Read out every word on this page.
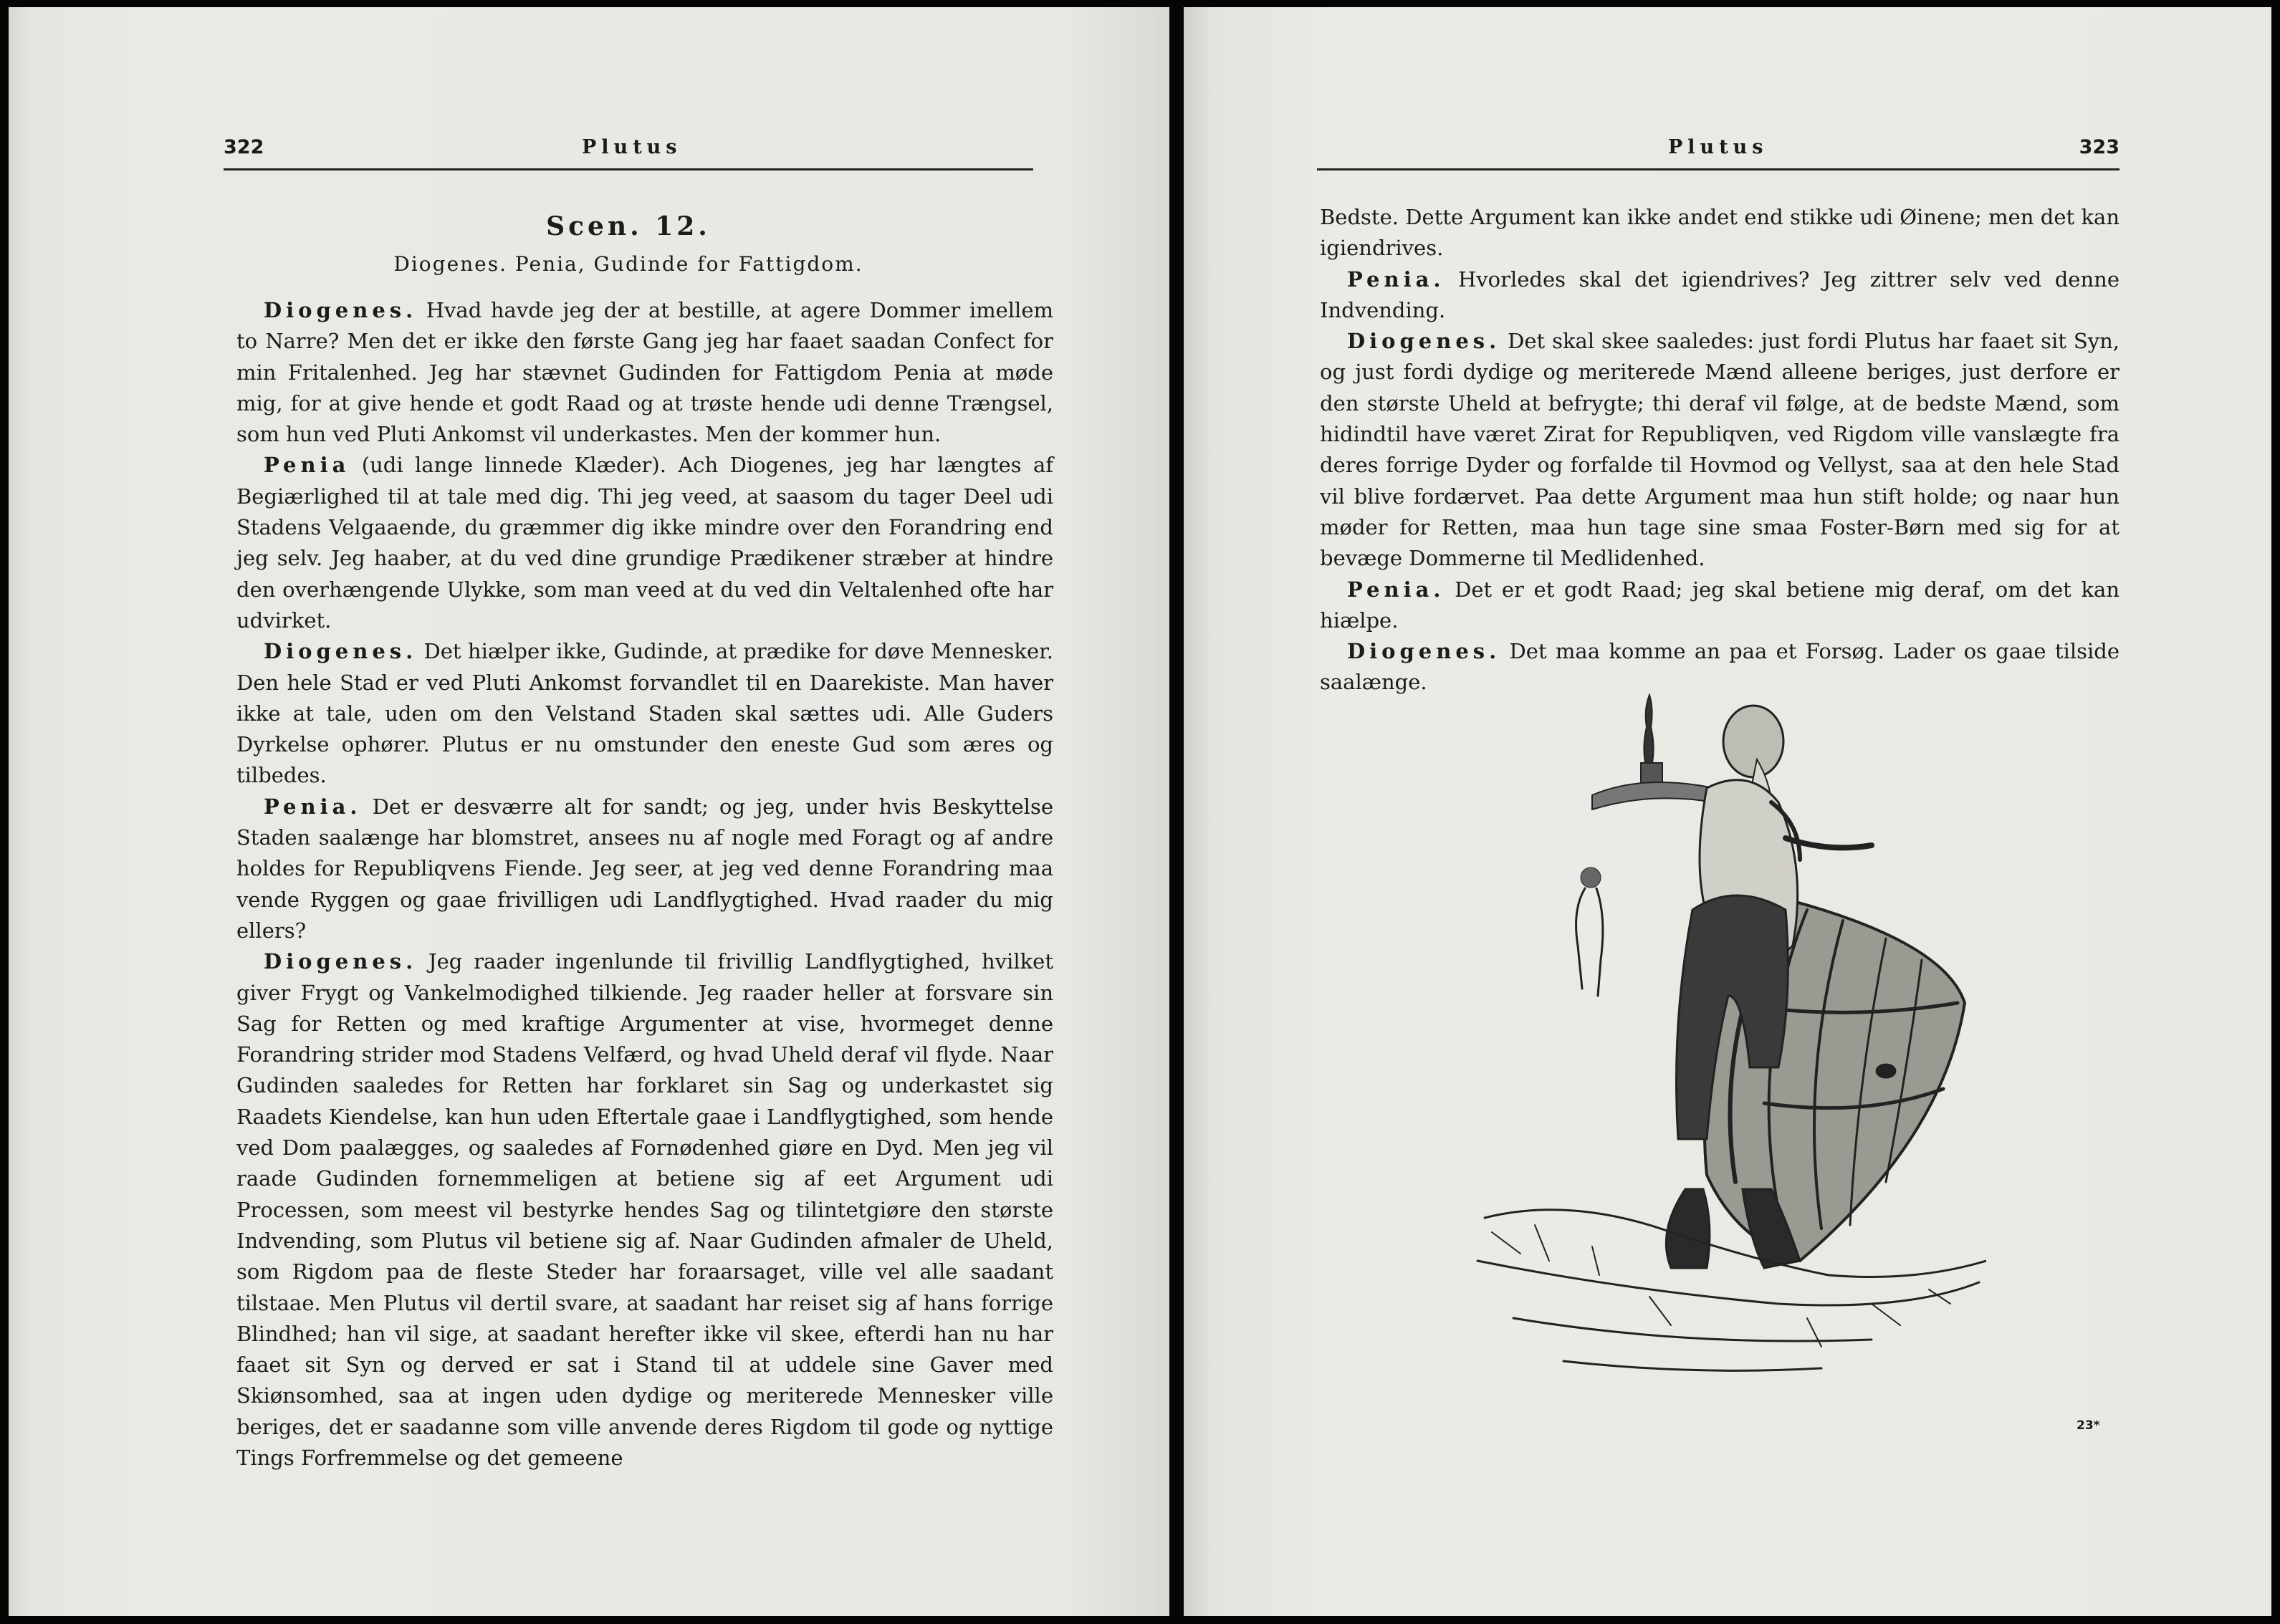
322	Plutus
Scen. 12.
Diogenes. Penia, Gudinde for Fattigdom.

Diogenes. Hvad havde jeg der at bestille, at agere Dommer imellem to Narre? Men det er ikke den første Gang jeg har faaet saadan Confect for min Fritalenhed. Jeg har stævnet Gudinden for Fattigdom Penia at møde mig, for at give hende et godt Raad og at trøste hende udi denne Trængsel, som hun ved Pluti Ankomst vil underkastes. Men der kommer hun.

Penia (udi lange linnede Klæder). Ach Diogenes, jeg har længtes af Begiærlighed til at tale med dig. Thi jeg veed, at saasom du tager Deel udi Stadens Velgaaende, du græmmer dig ikke mindre over den Forandring end jeg selv. Jeg haaber, at du ved dine grundige Prædikener stræber at hindre den overhængende Ulykke, som man veed at du ved din Veltalenhed ofte har udvirket.

Diogenes. Det hiælper ikke, Gudinde, at prædike for døve Mennesker. Den hele Stad er ved Pluti Ankomst forvandlet til en Daarekiste. Man haver ikke at tale, uden om den Velstand Staden skal sættes udi. Alle Guders Dyrkelse ophører. Plutus er nu omstunder den eneste Gud som æres og tilbedes.

Penia. Det er desværre alt for sandt; og jeg, under hvis Beskyttelse Staden saalænge har blomstret, ansees nu af nogle med Foragt og af andre holdes for Republiqvens Fiende. Jeg seer, at jeg ved denne Forandring maa vende Ryggen og gaae frivilligen udi Landflygtighed. Hvad raader du mig ellers?

Diogenes. Jeg raader ingenlunde til frivillig Landflygtighed, hvilket giver Frygt og Vankelmodighed tilkiende. Jeg raader heller at forsvare sin Sag for Retten og med kraftige Argumenter at vise, hvormeget denne Forandring strider mod Stadens Velfærd, og hvad Uheld deraf vil flyde. Naar Gudinden saaledes for Retten har forklaret sin Sag og underkastet sig Raadets Kiendelse, kan hun uden Eftertale gaae i Landflygtighed, som hende ved Dom paalægges, og saaledes af Fornødenhed giøre en Dyd. Men jeg vil raade Gudinden fornemmeligen at betiene sig af eet Argument udi Processen, som meest vil bestyrke hendes Sag og tilintetgiøre den største Indvending, som Plutus vil betiene sig af. Naar Gudinden afmaler de Uheld, som Rigdom paa de fleste Steder har foraarsaget, ville vel alle saadant tilstaae. Men Plutus vil dertil svare, at saadant har reiset sig af hans forrige Blindhed; han vil sige, at saadant herefter ikke vil skee, efterdi han nu har faaet sit Syn og derved er sat i Stand til at uddele sine Gaver med Skiønsomhed, saa at ingen uden dydige og meriterede Mennesker ville beriges, det er saadanne som ville anvende deres Rigdom til gode og nyttige Tings Forfremmelse og det gemeene

Plutus	323

Bedste. Dette Argument kan ikke andet end stikke udi Øinene; men det kan igiendrives.

Penia. Hvorledes skal det igiendrives? Jeg zittrer selv ved denne Indvending.

Diogenes. Det skal skee saaledes: just fordi Plutus har faaet sit Syn, og just fordi dydige og meriterede Mænd alleene beriges, just derfore er den største Uheld at befrygte; thi deraf vil følge, at de bedste Mænd, som hidindtil have været Zirat for Republiqven, ved Rigdom ville vanslægte fra deres forrige Dyder og forfalde til Hovmod og Vellyst, saa at den hele Stad vil blive fordærvet. Paa dette Argument maa hun stift holde; og naar hun møder for Retten, maa hun tage sine smaa Foster-Børn med sig for at bevæge Dommerne til Medlidenhed.

Penia. Det er et godt Raad; jeg skal betiene mig deraf, om det kan hiælpe.

Diogenes. Det maa komme an paa et Forsøg. Lader os gaae tilside saalænge.

23*
